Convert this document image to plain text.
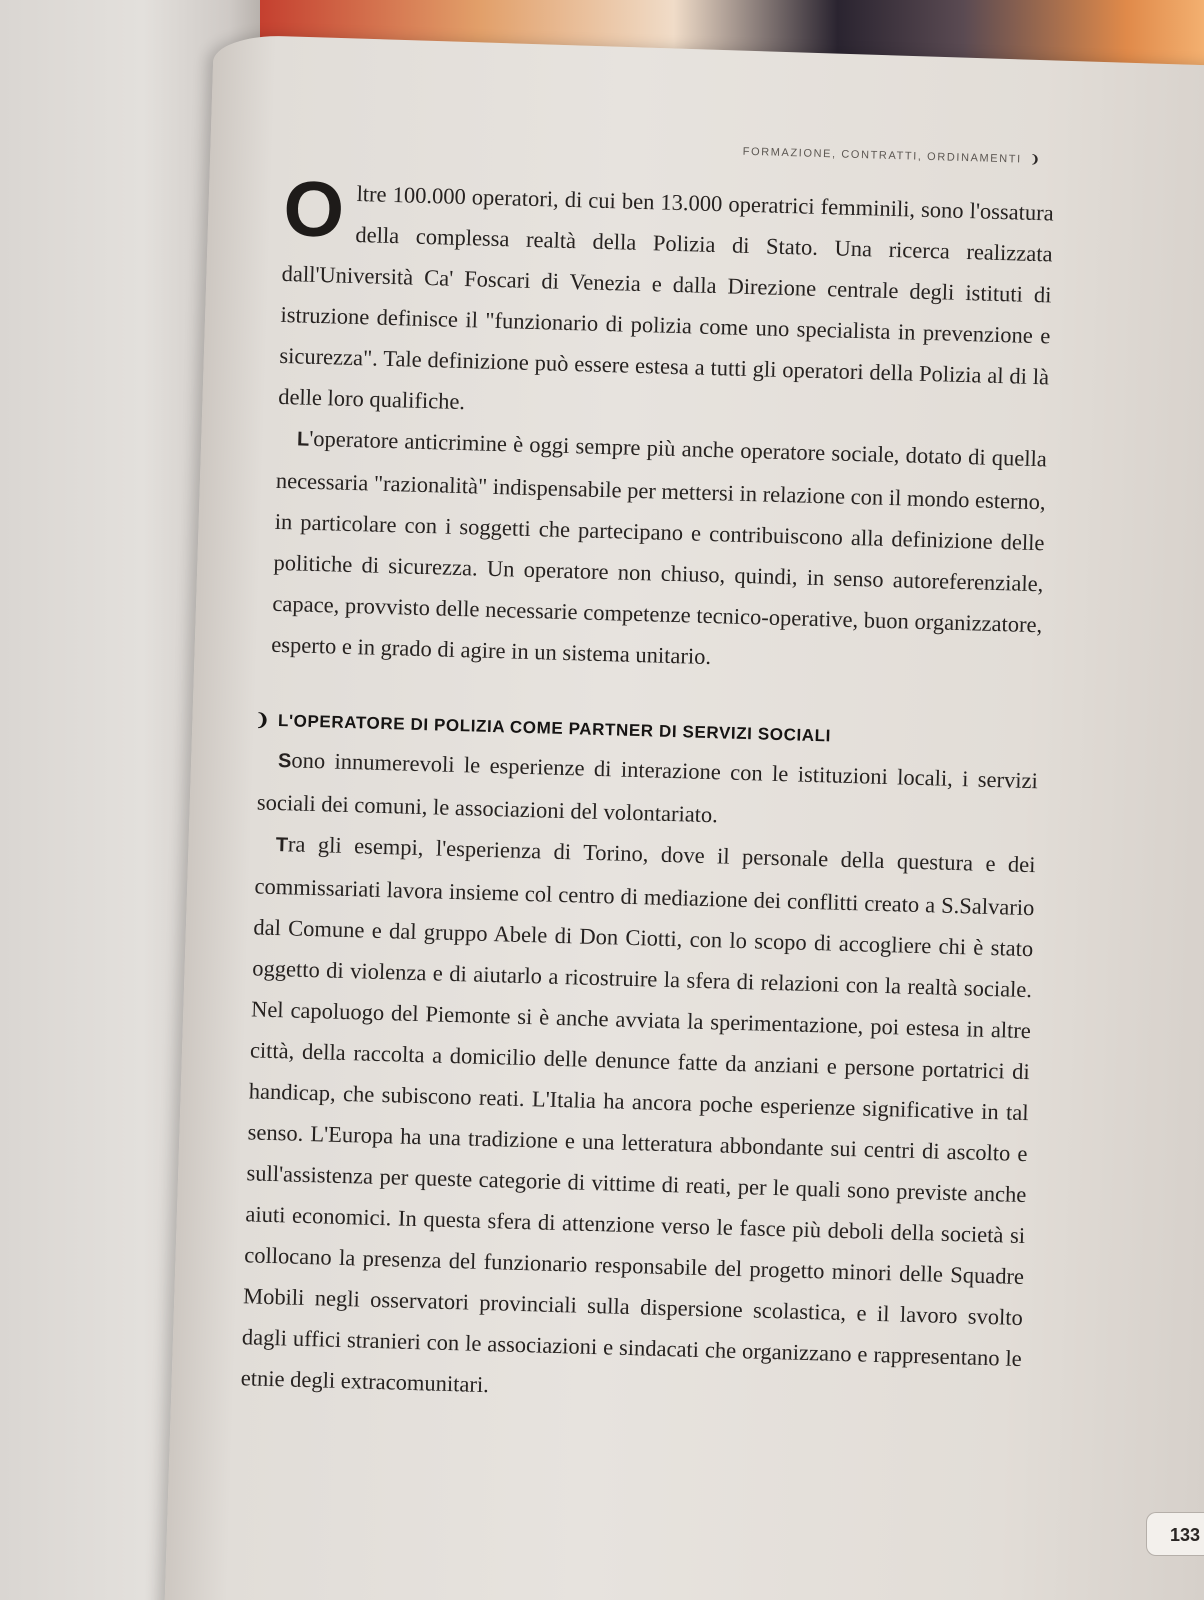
FORMAZIONE, CONTRATTI, ORDINAMENTI ❩

O ltre 100.000 operatori, di cui ben 13.000 operatrici femminili, sono l'ossatura della complessa realtà della Polizia di Stato. Una ricerca realizzata dall'Università Ca' Foscari di Venezia e dalla Direzione centrale degli istituti di istruzione definisce il "funzionario di polizia come uno specialista in prevenzione e sicurezza". Tale definizione può essere estesa a tutti gli operatori della Polizia al di là delle loro qualifiche.

L'operatore anticrimine è oggi sempre più anche operatore sociale, dotato di quella necessaria "razionalità" indispensabile per mettersi in relazione con il mondo esterno, in particolare con i soggetti che partecipano e contribuiscono alla definizione delle politiche di sicurezza. Un operatore non chiuso, quindi, in senso autoreferenziale, capace, provvisto delle necessarie competenze tecnico-operative, buon organizzatore, esperto e in grado di agire in un sistema unitario.

❩ L'OPERATORE DI POLIZIA COME PARTNER DI SERVIZI SOCIALI

Sono innumerevoli le esperienze di interazione con le istituzioni locali, i servizi sociali dei comuni, le associazioni del volontariato.

Tra gli esempi, l'esperienza di Torino, dove il personale della questura e dei commissariati lavora insieme col centro di mediazione dei conflitti creato a S.Salvario dal Comune e dal gruppo Abele di Don Ciotti, con lo scopo di accogliere chi è stato oggetto di violenza e di aiutarlo a ricostruire la sfera di relazioni con la realtà sociale. Nel capoluogo del Piemonte si è anche avviata la sperimentazione, poi estesa in altre città, della raccolta a domicilio delle denunce fatte da anziani e persone portatrici di handicap, che subiscono reati. L'Italia ha ancora poche esperienze significative in tal senso. L'Europa ha una tradizione e una letteratura abbondante sui centri di ascolto e sull'assistenza per queste categorie di vittime di reati, per le quali sono previste anche aiuti economici. In questa sfera di attenzione verso le fasce più deboli della società si collocano la presenza del funzionario responsabile del progetto minori delle Squadre Mobili negli osservatori provinciali sulla dispersione scolastica, e il lavoro svolto dagli uffici stranieri con le associazioni e sindacati che organizzano e rappresentano le etnie degli extracomunitari.

133
